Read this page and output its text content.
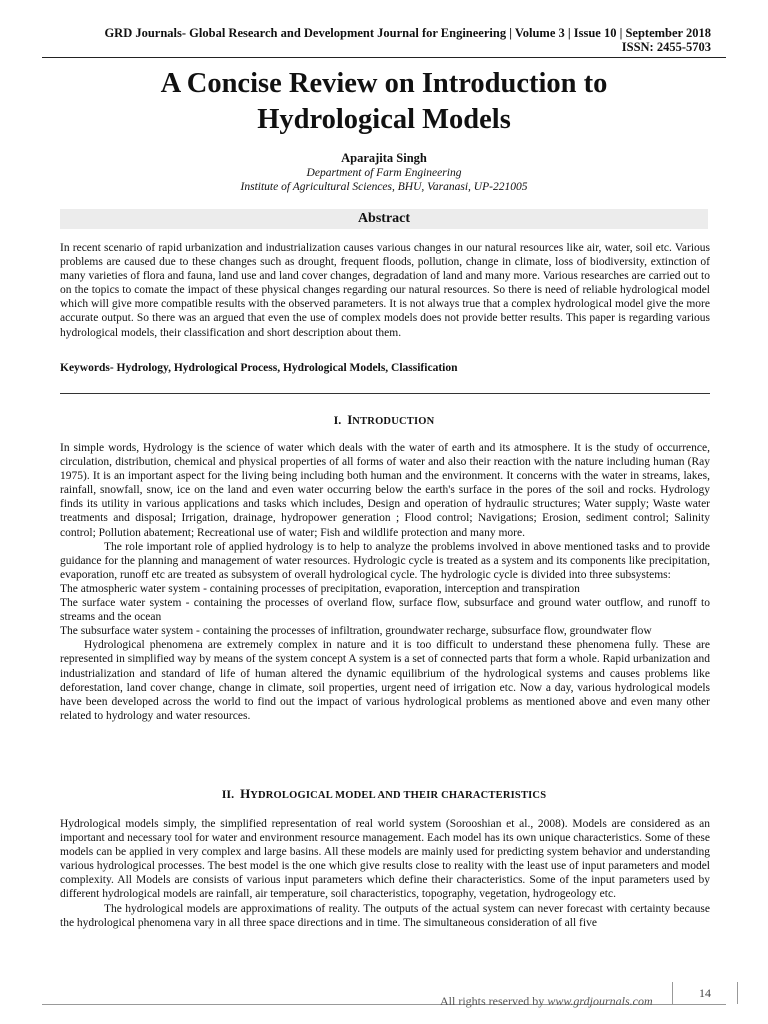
GRD Journals- Global Research and Development Journal for Engineering | Volume 3 | Issue 10 | September 2018
ISSN: 2455-5703
A Concise Review on Introduction to
Hydrological Models
Aparajita Singh
Department of Farm Engineering
Institute of Agricultural Sciences, BHU, Varanasi, UP-221005
Abstract
In recent scenario of rapid urbanization and industrialization causes various changes in our natural resources like air, water, soil etc. Various problems are caused due to these changes such as drought, frequent floods, pollution, change in climate, loss of biodiversity, extinction of many varieties of flora and fauna, land use and land cover changes, degradation of land and many more. Various researches are carried out to on the topics to comate the impact of these physical changes regarding our natural resources. So there is need of reliable hydrological model which will give more compatible results with the observed parameters. It is not always true that a complex hydrological model give the more accurate output. So there was an argued that even the use of complex models does not provide better results. This paper is regarding various hydrological models, their classification and short description about them.
Keywords- Hydrology, Hydrological Process, Hydrological Models, Classification
I. INTRODUCTION

In simple words, Hydrology is the science of water which deals with the water of earth and its atmosphere. It is the study of occurrence, circulation, distribution, chemical and physical properties of all forms of water and also their reaction with the nature including human (Ray 1975). It is an important aspect for the living being including both human and the environment. It concerns with the water in streams, lakes, rainfall, snowfall, snow, ice on the land and even water occurring below the earth's surface in the pores of the soil and rocks. Hydrology finds its utility in various applications and tasks which includes, Design and operation of hydraulic structures; Water supply; Waste water treatments and disposal; Irrigation, drainage, hydropower generation ; Flood control; Navigations; Erosion, sediment control; Salinity control; Pollution abatement; Recreational use of water; Fish and wildlife protection and many more.

The role important role of applied hydrology is to help to analyze the problems involved in above mentioned tasks and to provide guidance for the planning and management of water resources. Hydrologic cycle is treated as a system and its components like precipitation, evaporation, runoff etc are treated as subsystem of overall hydrological cycle. The hydrologic cycle is divided into three subsystems:

The atmospheric water system - containing processes of precipitation, evaporation, interception and transpiration

The surface water system - containing the processes of overland flow, surface flow, subsurface and ground water outflow, and runoff to streams and the ocean

The subsurface water system - containing the processes of infiltration, groundwater recharge, subsurface flow, groundwater flow

Hydrological phenomena are extremely complex in nature and it is too difficult to understand these phenomena fully. These are represented in simplified way by means of the system concept A system is a set of connected parts that form a whole. Rapid urbanization and industrialization and standard of life of human altered the dynamic equilibrium of the hydrological systems and causes problems like deforestation, land cover change, change in climate, soil properties, urgent need of irrigation etc. Now a day, various hydrological models have been developed across the world to find out the impact of various hydrological problems as mentioned above and even many other related to hydrology and water resources.

II. HYDROLOGICAL MODEL AND THEIR CHARACTERISTICS

Hydrological models simply, the simplified representation of real world system (Sorooshian et al., 2008). Models are considered as an important and necessary tool for water and environment resource management. Each model has its own unique characteristics. Some of these models can be applied in very complex and large basins. All these models are mainly used for predicting system behavior and understanding various hydrological processes. The best model is the one which give results close to reality with the least use of input parameters and model complexity. All Models are consists of various input parameters which define their characteristics. Some of the input parameters used by different hydrological models are rainfall, air temperature, soil characteristics, topography, vegetation, hydrogeology etc.

The hydrological models are approximations of reality. The outputs of the actual system can never forecast with certainty because the hydrological phenomena vary in all three space directions and in time. The simultaneous consideration of all five

All rights reserved by www.grdjournals.com
14
